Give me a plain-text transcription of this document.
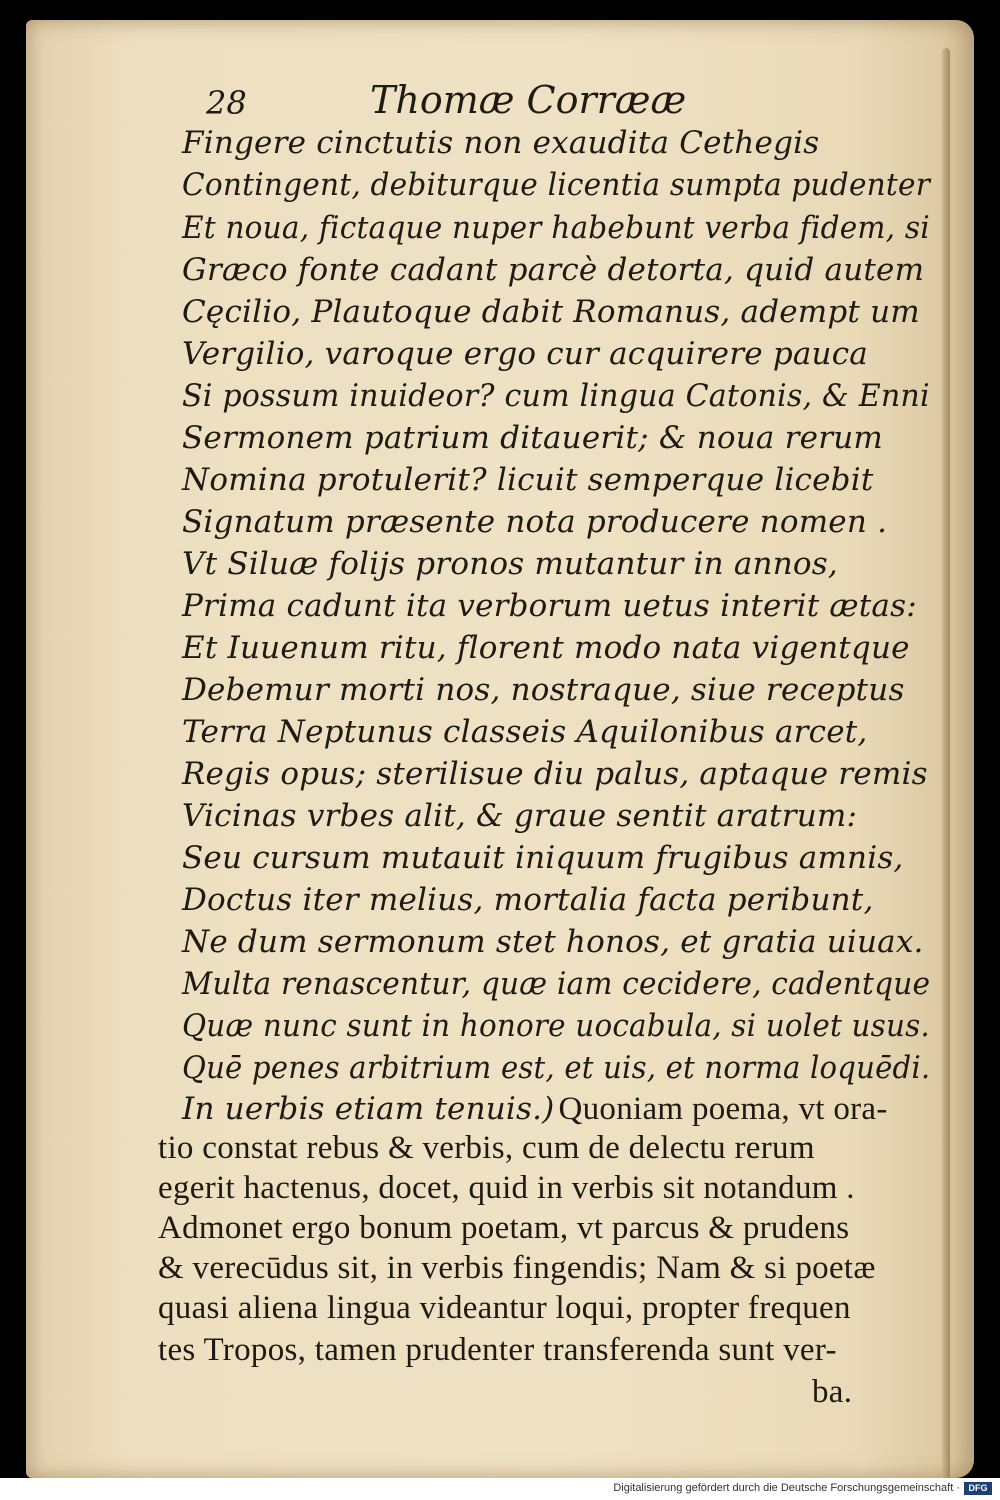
28	Thomæ Corrææ
Fingere cinctutis non exaudita Cethegis
Contingent, debiturque licentia sumpta pudenter
Et noua, fictaque nuper habebunt verba fidem, si
Græco fonte cadant parcè detorta, quid autem
Cęcilio, Plautoque dabit Romanus, adempt um
Vergilio, varoque ergo cur acquirere pauca
Si possum inuideor? cum lingua Catonis, & Enni
Sermonem patrium ditauerit; & noua rerum
Nomina protulerit? licuit semperque licebit
Signatum præsente nota producere nomen .
Vt Siluæ folijs pronos mutantur in annos,
Prima cadunt ita verborum uetus interit ætas:
Et Iuuenum ritu, florent modo nata vigentque
Debemur morti nos, nostraque, siue receptus
Terra Neptunus classeis Aquilonibus arcet,
Regis opus; sterilisue diu palus, aptaque remis
Vicinas vrbes alit, & graue sentit aratrum:
Seu cursum mutauit iniquum frugibus amnis,
Doctus iter melius, mortalia facta peribunt,
Ne dum sermonum stet honos, et gratia uiuax.
Multa renascentur, quæ iam cecidere, cadentque
Quæ nunc sunt in honore uocabula, si uolet usus.
Quē penes arbitrium est, et uis, et norma loquēdi.
In uerbis etiam tenuis.) Quoniam poema, vt ora-
tio constat rebus & verbis, cum de delectu rerum
egerit hactenus, docet, quid in verbis sit notandum .
Admonet ergo bonum poetam, vt parcus & prudens
& verecūdus sit, in verbis fingendis; Nam & si poetæ
quasi aliena lingua videantur loqui, propter frequen
tes Tropos, tamen prudenter transferenda sunt ver-
ba.
Digitalisierung gefördert durch die Deutsche Forschungsgemeinschaft · DFG
